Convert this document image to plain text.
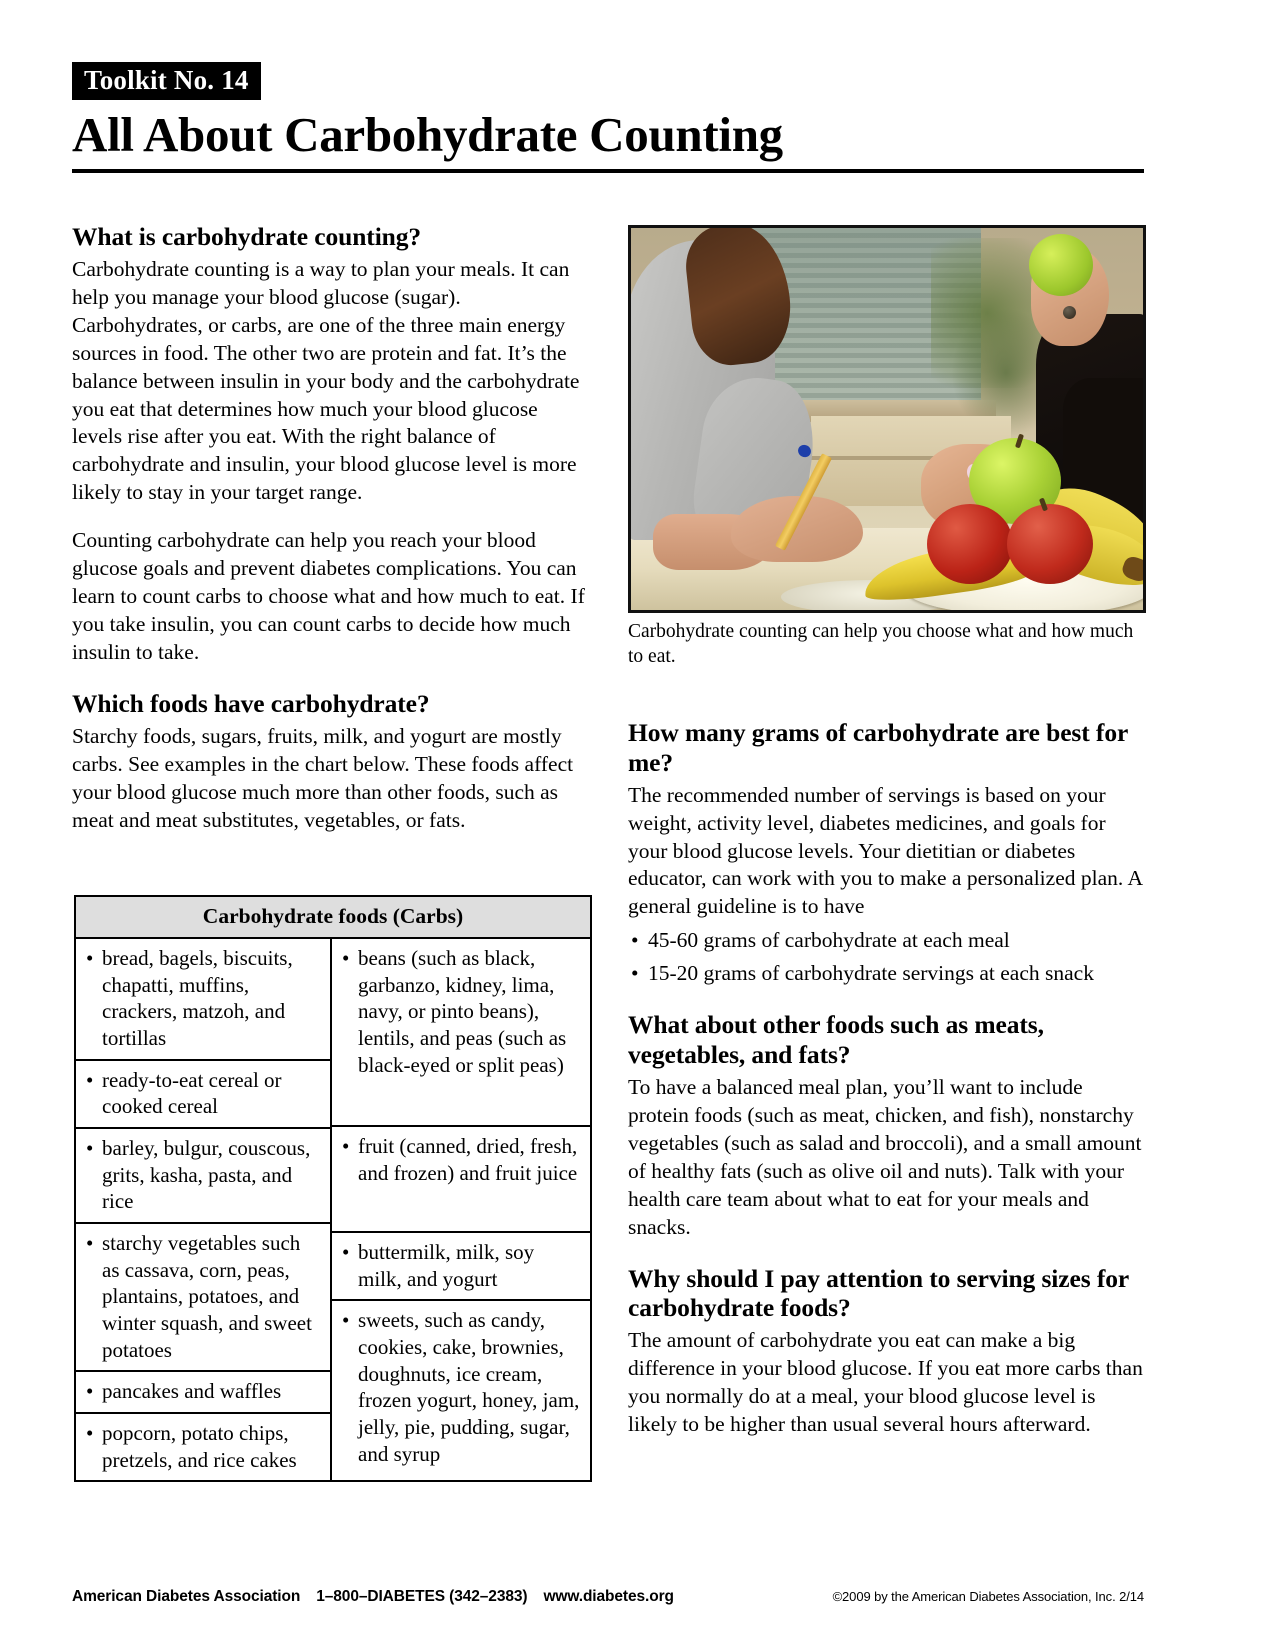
Toolkit No. 14
All About Carbohydrate Counting
Carbohydrate counting can help you choose what and how much to eat.
What is carbohydrate counting?

Carbohydrate counting is a way to plan your meals. It can help you manage your blood glucose (sugar). Carbohydrates, or carbs, are one of the three main energy sources in food. The other two are protein and fat. It’s the balance between insulin in your body and the carbohydrate you eat that determines how much your blood glucose levels rise after you eat. With the right balance of carbohydrate and insulin, your blood glucose level is more likely to stay in your target range.

Counting carbohydrate can help you reach your blood glucose goals and prevent diabetes complications. You can learn to count carbs to choose what and how much to eat. If you take insulin, you can count carbs to decide how much insulin to take.

Which foods have carbohydrate?

Starchy foods, sugars, fruits, milk, and yogurt are mostly carbs. See examples in the chart below. These foods affect your blood glucose much more than other foods, such as meat and meat substitutes, vegetables, or fats.

Carbohydrate foods (Carbs)
• bread, bagels, biscuits, chapatti, muffins, crackers, matzoh, and tortillas
• ready-to-eat cereal or cooked cereal
• barley, bulgur, couscous, grits, kasha, pasta, and rice
• starchy vegetables such as cassava, corn, peas, plantains, potatoes, and winter squash, and sweet potatoes
• pancakes and waffles
• popcorn, potato chips, pretzels, and rice cakes
• beans (such as black, garbanzo, kidney, lima, navy, or pinto beans), lentils, and peas (such as black-eyed or split peas)
• fruit (canned, dried, fresh, and frozen) and fruit juice
• buttermilk, milk, soy milk, and yogurt
• sweets, such as candy, cookies, cake, brownies, doughnuts, ice cream, frozen yogurt, honey, jam, jelly, pie, pudding, sugar, and syrup
How many grams of carbohydrate are best for me?

The recommended number of servings is based on your weight, activity level, diabetes medicines, and goals for your blood glucose levels. Your dietitian or diabetes educator, can work with you to make a personalized plan. A general guideline is to have

• 45-60 grams of carbohydrate at each meal
• 15-20 grams of carbohydrate servings at each snack
What about other foods such as meats, vegetables, and fats?

To have a balanced meal plan, you’ll want to include protein foods (such as meat, chicken, and fish), nonstarchy vegetables (such as salad and broccoli), and a small amount of healthy fats (such as olive oil and nuts). Talk with your health care team about what to eat for your meals and snacks.

Why should I pay attention to serving sizes for carbohydrate foods?

The amount of carbohydrate you eat can make a big difference in your blood glucose. If you eat more carbs than you normally do at a meal, your blood glucose level is likely to be higher than usual several hours afterward.

American Diabetes Association 1–800–DIABETES (342–2383) www.diabetes.org	©2009 by the American Diabetes Association, Inc. 2/14
